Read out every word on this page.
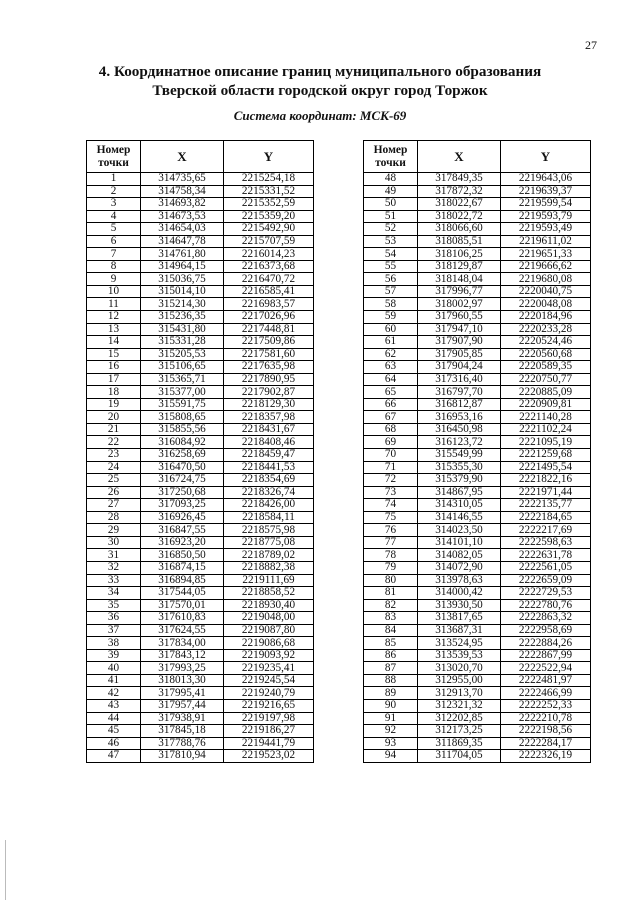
27
4. Координатное описание границ муниципального образования
Тверской области городской округ город Торжок
Система координат: МСК-69
Номер
точки	X	Y
1	314735,65	2215254,18
2	314758,34	2215331,52
3	314693,82	2215352,59
4	314673,53	2215359,20
5	314654,03	2215492,90
6	314647,78	2215707,59
7	314761,80	2216014,23
8	314964,15	2216373,68
9	315036,75	2216470,72
10	315014,10	2216585,41
11	315214,30	2216983,57
12	315236,35	2217026,96
13	315431,80	2217448,81
14	315331,28	2217509,86
15	315205,53	2217581,60
16	315106,65	2217635,98
17	315365,71	2217890,95
18	315377,00	2217902,87
19	315591,75	2218129,30
20	315808,65	2218357,98
21	315855,56	2218431,67
22	316084,92	2218408,46
23	316258,69	2218459,47
24	316470,50	2218441,53
25	316724,75	2218354,69
26	317250,68	2218326,74
27	317093,25	2218426,00
28	316926,45	2218584,11
29	316847,55	2218575,98
30	316923,20	2218775,08
31	316850,50	2218789,02
32	316874,15	2218882,38
33	316894,85	2219111,69
34	317544,05	2218858,52
35	317570,01	2218930,40
36	317610,83	2219048,00
37	317624,55	2219087,80
38	317834,00	2219086,68
39	317843,12	2219093,92
40	317993,25	2219235,41
41	318013,30	2219245,54
42	317995,41	2219240,79
43	317957,44	2219216,65
44	317938,91	2219197,98
45	317845,18	2219186,27
46	317788,76	2219441,79
47	317810,94	2219523,02
Номер
точки	X	Y
48	317849,35	2219643,06
49	317872,32	2219639,37
50	318022,67	2219599,54
51	318022,72	2219593,79
52	318066,60	2219593,49
53	318085,51	2219611,02
54	318106,25	2219651,33
55	318129,87	2219666,62
56	318148,04	2219680,08
57	317996,77	2220040,75
58	318002,97	2220048,08
59	317960,55	2220184,96
60	317947,10	2220233,28
61	317907,90	2220524,46
62	317905,85	2220560,68
63	317904,24	2220589,35
64	317316,40	2220750,77
65	316797,70	2220885,09
66	316812,87	2220909,81
67	316953,16	2221140,28
68	316450,98	2221102,24
69	316123,72	2221095,19
70	315549,99	2221259,68
71	315355,30	2221495,54
72	315379,90	2221822,16
73	314867,95	2221971,44
74	314310,05	2222135,77
75	314146,55	2222184,65
76	314023,50	2222217,69
77	314101,10	2222598,63
78	314082,05	2222631,78
79	314072,90	2222561,05
80	313978,63	2222659,09
81	314000,42	2222729,53
82	313930,50	2222780,76
83	313817,65	2222863,32
84	313687,31	2222958,69
85	313524,95	2222884,26
86	313539,53	2222867,99
87	313020,70	2222522,94
88	312955,00	2222481,97
89	312913,70	2222466,99
90	312321,32	2222252,33
91	312202,85	2222210,78
92	312173,25	2222198,56
93	311869,35	2222284,17
94	311704,05	2222326,19
